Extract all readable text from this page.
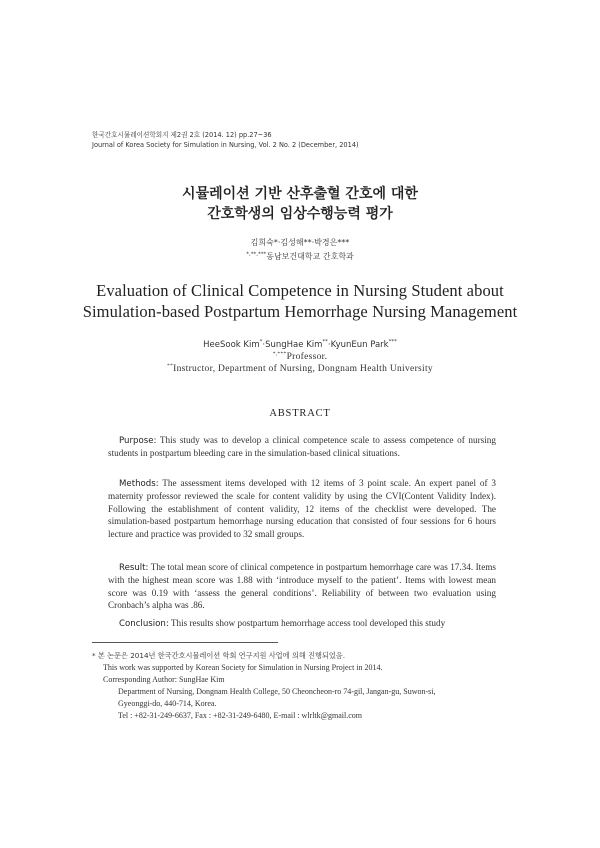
한국간호시뮬레이션학회지 제2권 2호 (2014. 12) pp.27~36
Journal of Korea Society for Simulation in Nursing, Vol. 2 No. 2 (December, 2014)
시뮬레이션 기반 산후출혈 간호에 대한
간호학생의 임상수행능력 평가
김희숙*·김성해**·박경은***
*,**,***동남보건대학교 간호학과
Evaluation of Clinical Competence in Nursing Student about
Simulation-based Postpartum Hemorrhage Nursing Management
HeeSook Kim*·SungHae Kim**·KyunEun Park***
*,***Professor.
**Instructor, Department of Nursing, Dongnam Health University
ABSTRACT
Purpose: This study was to develop a clinical competence scale to assess competence of nursing students in postpartum bleeding care in the simulation-based clinical situations.
Methods: The assessment items developed with 12 items of 3 point scale. An expert panel of 3 maternity professor reviewed the scale for content validity by using the CVI(Content Validity Index). Following the establishment of content validity, 12 items of the checklist were developed. The simulation-based postpartum hemorrhage nursing education that consisted of four sessions for 6 hours lecture and practice was provided to 32 small groups.
Result: The total mean score of clinical competence in postpartum hemorrhage care was 17.34. Items with the highest mean score was 1.88 with ‘introduce myself to the patient’. Items with lowest mean score was 0.19 with ‘assess the general conditions’. Reliability of between two evaluation using Cronbach’s alpha was .86.
Conclusion: This results show postpartum hemorrhage access tool developed this study
* 본 논문은 2014년 한국간호시뮬레이션 학회 연구지원 사업에 의해 진행되었음.
This work was supported by Korean Society for Simulation in Nursing Project in 2014.
Corresponding Author: SungHae Kim
Department of Nursing, Dongnam Health College, 50 Cheoncheon-ro 74-gil, Jangan-gu, Suwon-si,
Gyeonggi-do, 440-714, Korea.
Tel : +82-31-249-6637, Fax : +82-31-249-6480, E-mail : wlrltk@gmail.com
